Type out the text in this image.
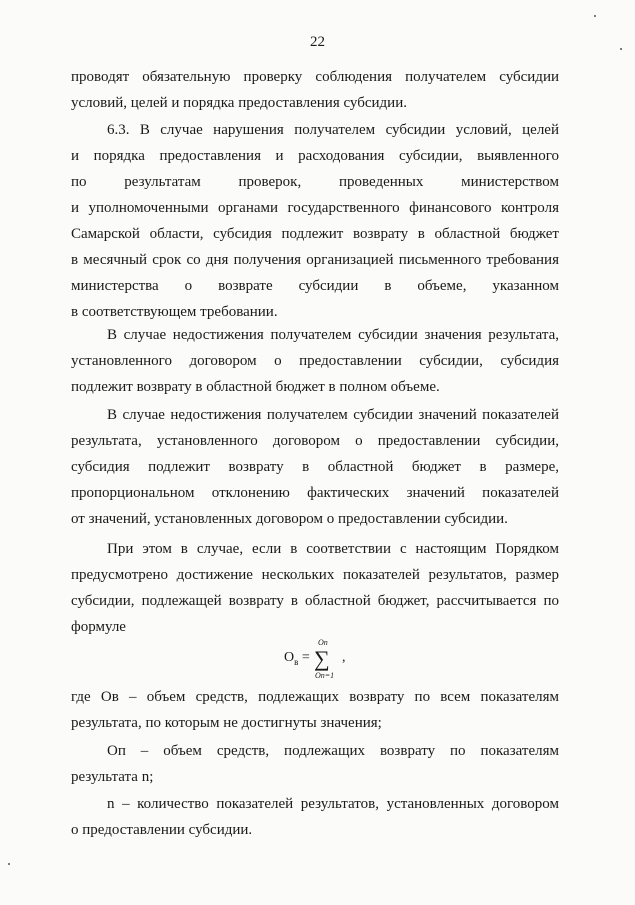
22

проводят обязательную проверку соблюдения получателем субсидии

условий, целей и порядка предоставления субсидии.

6.3. В случае нарушения получателем субсидии условий, целей

и порядка предоставления и расходования субсидии, выявленного

по результатам проверок, проведенных министерством

и уполномоченными органами государственного финансового контроля

Самарской области, субсидия подлежит возврату в областной бюджет

в месячный срок со дня получения организацией письменного требования

министерства о возврате субсидии в объеме, указанном

в соответствующем требовании.

В случае недостижения получателем субсидии значения результата,

установленного договором о предоставлении субсидии, субсидия

подлежит возврату в областной бюджет в полном объеме.

В случае недостижения получателем субсидии значений показателей

результата, установленного договором о предоставлении субсидии,

субсидия подлежит возврату в областной бюджет в размере,

пропорциональном отклонению фактических значений показателей

от значений, установленных договором о предоставлении субсидии.

При этом в случае, если в соответствии с настоящим Порядком

предусмотрено достижение нескольких показателей результатов, размер

субсидии, подлежащей возврату в областной бюджет, рассчитывается по

формуле

$O_в$ =
On
∑
On=1
,

где Oв – объем средств, подлежащих возврату по всем показателям

результата, по которым не достигнуты значения;

Oп – объем средств, подлежащих возврату по показателям

результата n;

n – количество показателей результатов, установленных договором

о предоставлении субсидии.
